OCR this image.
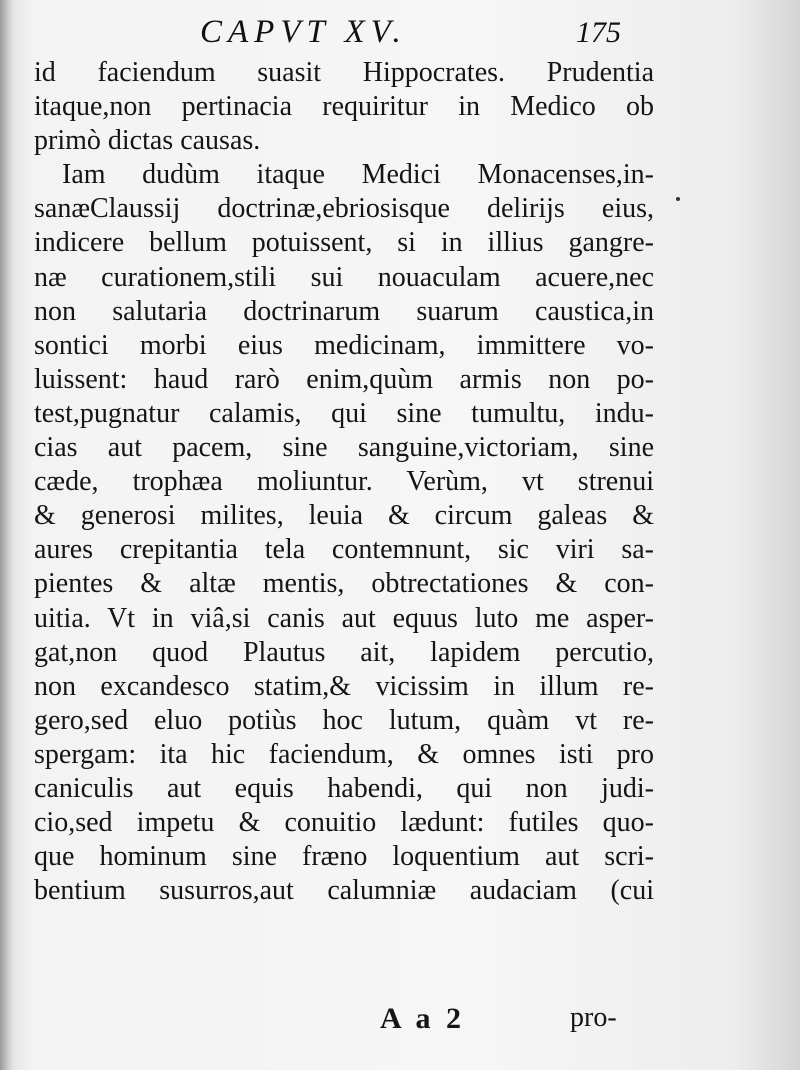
CAPVT XV.	175
id faciendum suasit Hippocrates. Prudentia
itaque,non pertinacia requiritur in Medico ob
primò dictas causas.
Iam dudùm itaque Medici Monacenses,in-
sanæClaussij doctrinæ,ebriosisque delirijs eius,
indicere bellum potuissent, si in illius gangre-
næ curationem,stili sui nouaculam acuere,nec
non salutaria doctrinarum suarum caustica,in
sontici morbi eius medicinam, immittere vo-
luissent: haud rarò enim,quùm armis non po-
test,pugnatur calamis, qui sine tumultu, indu-
cias aut pacem, sine sanguine,victoriam, sine
cæde, trophæa moliuntur. Verùm, vt strenui
& generosi milites, leuia & circum galeas &
aures crepitantia tela contemnunt, sic viri sa-
pientes & altæ mentis, obtrectationes & con-
uitia. Vt in viâ,si canis aut equus luto me asper-
gat,non quod Plautus ait, lapidem percutio,
non excandesco statim,& vicissim in illum re-
gero,sed eluo potiùs hoc lutum, quàm vt re-
spergam: ita hic faciendum, & omnes isti pro
caniculis aut equis habendi, qui non judi-
cio,sed impetu & conuitio lædunt: futiles quo-
que hominum sine fræno loquentium aut scri-
bentium susurros,aut calumniæ audaciam (cui
A a 2	pro-
